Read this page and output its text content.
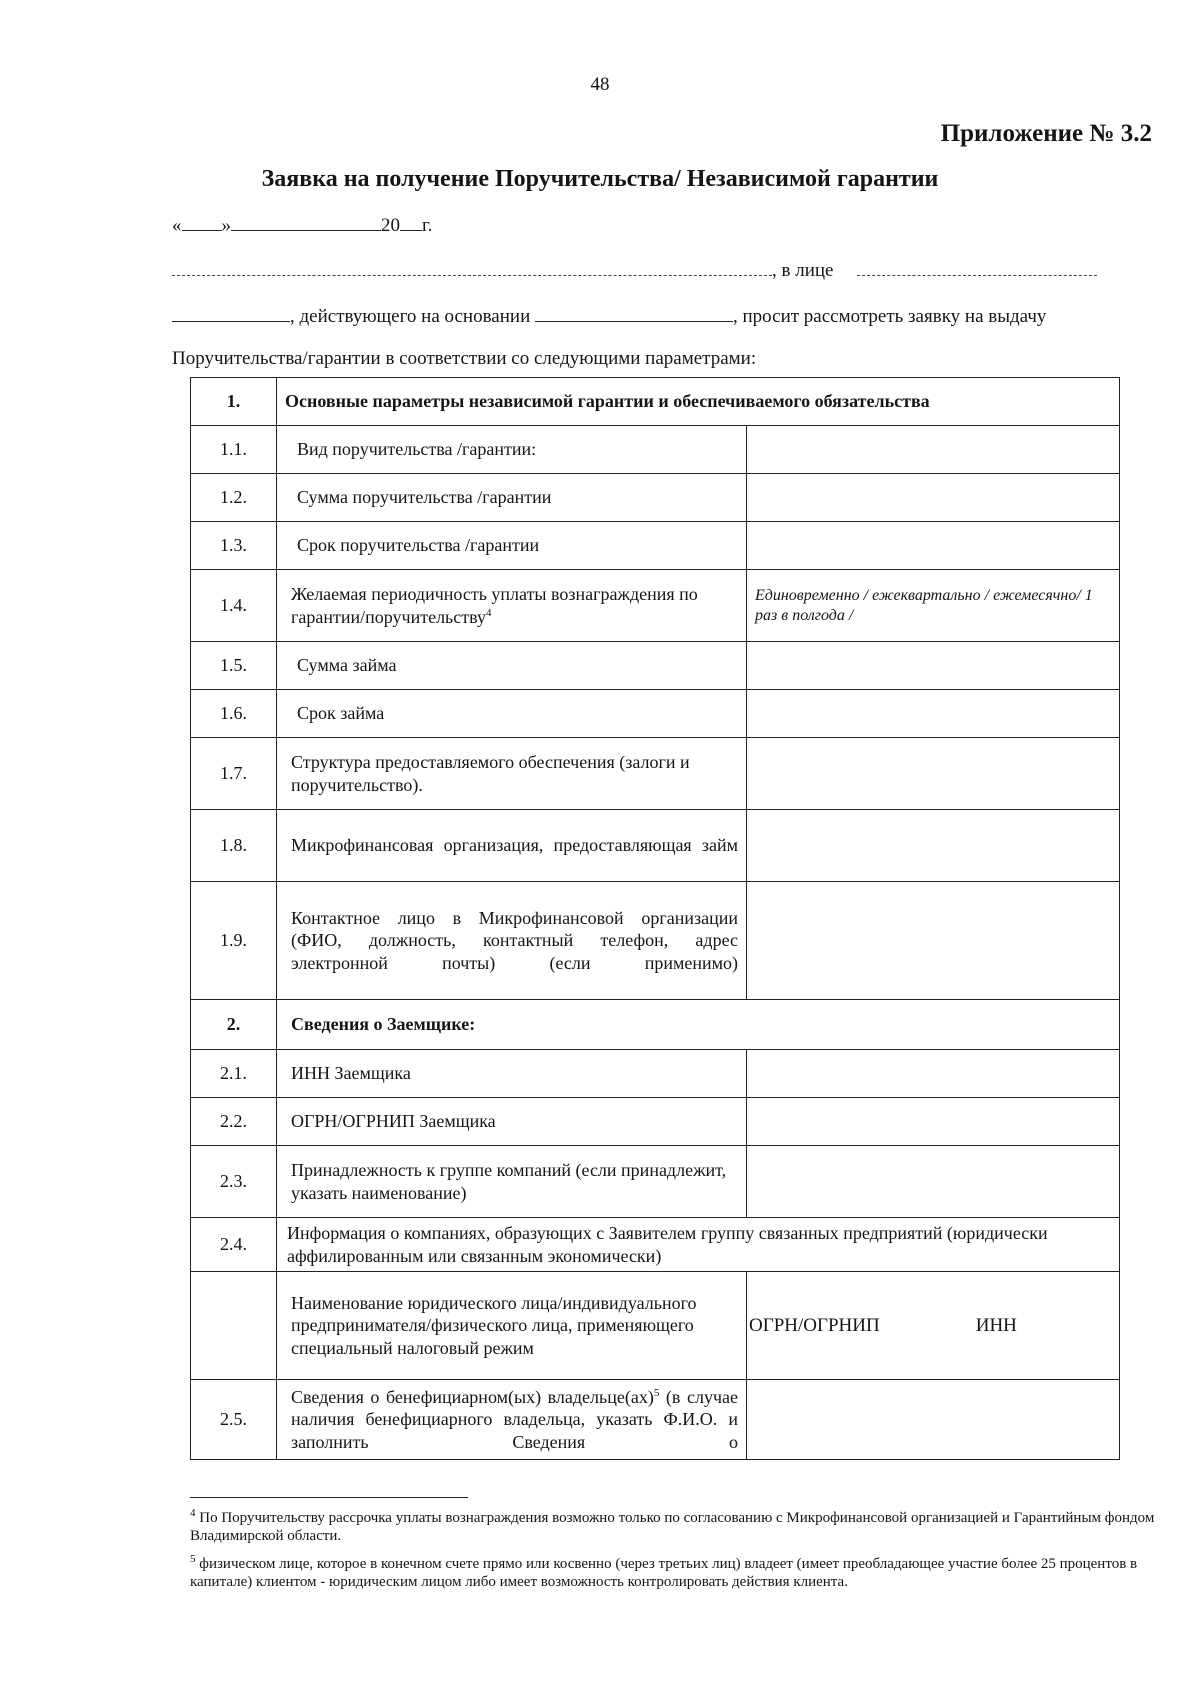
48
Приложение № 3.2
Заявка на получение Поручительства/ Независимой гарантии
« »	20 г.
, в лице
, действующего на основании	, просит рассмотреть заявку на выдачу
Поручительства/гарантии в соответствии со следующими параметрами:
1.	Основные параметры независимой гарантии и обеспечиваемого обязательства	
1.1.	Вид поручительства /гарантии:	
1.2.	Сумма поручительства /гарантии	
1.3.	Срок поручительства /гарантии	
1.4.	Желаемая периодичность уплаты вознаграждения по гарантии/поручительству$^4$	Единовременно / ежеквартально / ежемесячно/ 1 раз в полгода /
1.5.	Сумма займа	
1.6.	Срок займа	
1.7.	Структура предоставляемого обеспечения (залоги и поручительство).	
1.8.	Микрофинансовая организация, предоставляющая займ	
1.9.	Контактное лицо в Микрофинансовой организации (ФИО, должность, контактный телефон, адрес электронной почты) (если применимо)	
2.	Сведения о Заемщике:	
2.1.	ИНН Заемщика	
2.2.	ОГРН/ОГРНИП Заемщика	
2.3.	Принадлежность к группе компаний (если принадлежит, указать наименование)	
2.4.	Информация о компаниях, образующих с Заявителем группу связанных предприятий (юридически аффилированным или связанным экономически)	
	Наименование юридического лица/индивидуального предпринимателя/физического лица, применяющего специальный налоговый режим	ОГРН/ОГРНИП ИНН
2.5.	Сведения о бенефициарном(ых) владельце(ах)$^5$ (в случае наличия бенефициарного владельца, указать Ф.И.О. и заполнить Сведения о	
$^4$ По Поручительству рассрочка уплаты вознаграждения возможно только по согласованию с Микрофинансовой организацией и Гарантийным фондом Владимирской области.
$^5$ физическом лице, которое в конечном счете прямо или косвенно (через третьих лиц) владеет (имеет преобладающее участие более 25 процентов в капитале) клиентом - юридическим лицом либо имеет возможность контролировать действия клиента.
